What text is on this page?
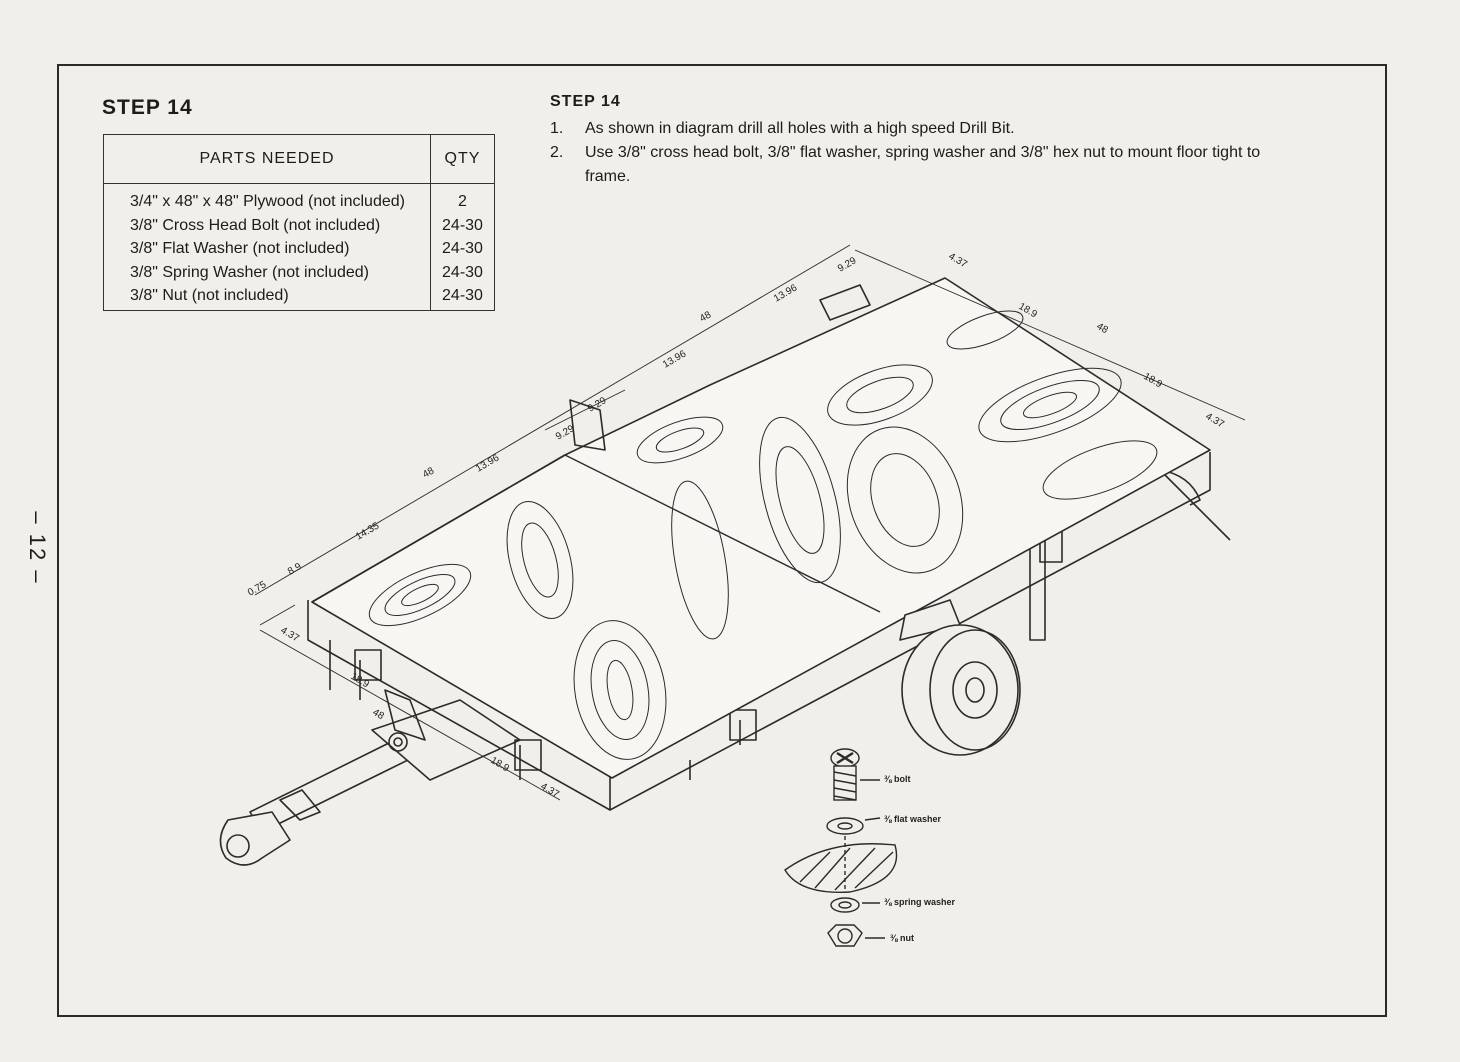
– 12 –
STEP 14
PARTS NEEDED	QTY
3/4" x 48" x 48" Plywood (not included)	2
3/8" Cross Head Bolt (not included)	24-30
3/8" Flat Washer (not included)	24-30
3/8" Spring Washer (not included)	24-30
3/8" Nut (not included)	24-30
STEP 14
1. As shown in diagram drill all holes with a high speed Drill Bit.
2. Use 3/8" cross head bolt, 3/8" flat washer, spring washer and 3/8" hex nut to mount floor tight to frame.
0.75
8.9
14.35
48	13.96
9.29
9.29
13.96
48
13.96
9.29	4.37
18.9
48
18.9
4.37
4.37
18.9
48
18.9
4.37
⅜ bolt
⅜ flat washer
⅜ spring washer
⅜ nut
